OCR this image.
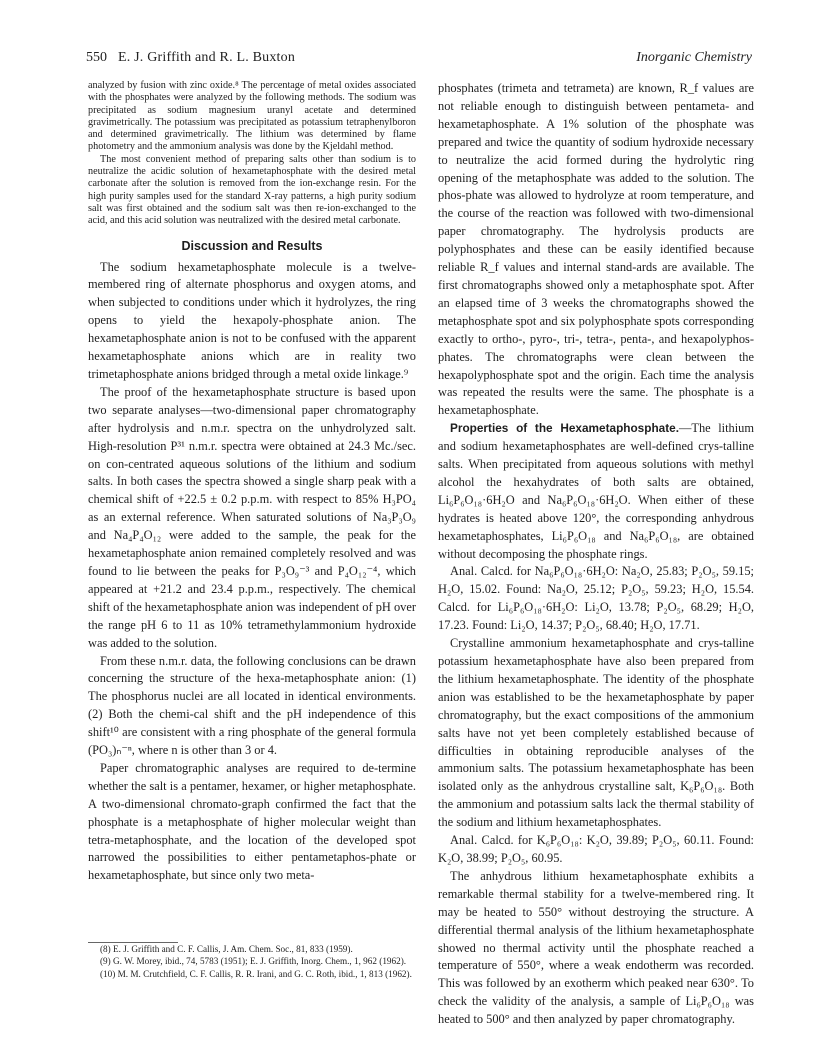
550 E. J. Griffith and R. L. Buxton	Inorganic Chemistry

analyzed by fusion with zinc oxide.⁸ The percentage of metal oxides associated with the phosphates were analyzed by the following methods. The sodium was precipitated as sodium magnesium uranyl acetate and determined gravimetrically. The potassium was precipitated as potassium tetraphenylboron and determined gravimetrically. The lithium was determined by flame photometry and the ammonium analysis was done by the Kjeldahl method.

The most convenient method of preparing salts other than sodium is to neutralize the acidic solution of hexametaphosphate with the desired metal carbonate after the solution is removed from the ion-exchange resin. For the high purity samples used for the standard X-ray patterns, a high purity sodium salt was first obtained and the sodium salt was then re-ion-exchanged to the acid, and this acid solution was neutralized with the desired metal carbonate.

Discussion and Results

The sodium hexametaphosphate molecule is a twelve-membered ring of alternate phosphorus and oxygen atoms, and when subjected to conditions under which it hydrolyzes, the ring opens to yield the hexapoly-phosphate anion. The hexametaphosphate anion is not to be confused with the apparent hexametaphosphate anions which are in reality two trimetaphosphate anions bridged through a metal oxide linkage.⁹

The proof of the hexametaphosphate structure is based upon two separate analyses—two-dimensional paper chromatography after hydrolysis and n.m.r. spectra on the unhydrolyzed salt. High-resolution P³¹ n.m.r. spectra were obtained at 24.3 Mc./sec. on con-centrated aqueous solutions of the lithium and sodium salts. In both cases the spectra showed a single sharp peak with a chemical shift of +22.5 ± 0.2 p.p.m. with respect to 85% H₃PO₄ as an external reference. When saturated solutions of Na₃P₃O₉ and Na₄P₄O₁₂ were added to the sample, the peak for the hexametaphosphate anion remained completely resolved and was found to lie between the peaks for P₃O₉⁻³ and P₄O₁₂⁻⁴, which appeared at +21.2 and 23.4 p.p.m., respectively. The chemical shift of the hexametaphosphate anion was independent of pH over the range pH 6 to 11 as 10% tetramethylammonium hydroxide was added to the solution.

From these n.m.r. data, the following conclusions can be drawn concerning the structure of the hexa-metaphosphate anion: (1) The phosphorus nuclei are all located in identical environments. (2) Both the chemi-cal shift and the pH independence of this shift¹⁰ are consistent with a ring phosphate of the general formula (PO₃)ₙ⁻ⁿ, where n is other than 3 or 4.

Paper chromatographic analyses are required to de-termine whether the salt is a pentamer, hexamer, or higher metaphosphate. A two-dimensional chromato-graph confirmed the fact that the phosphate is a metaphosphate of higher molecular weight than tetra-metaphosphate, and the location of the developed spot narrowed the possibilities to either pentametaphos-phate or hexametaphosphate, but since only two meta-

(8) E. J. Griffith and C. F. Callis, J. Am. Chem. Soc., 81, 833 (1959).

(9) G. W. Morey, ibid., 74, 5783 (1951); E. J. Griffith, Inorg. Chem., 1, 962 (1962).

(10) M. M. Crutchfield, C. F. Callis, R. R. Irani, and G. C. Roth, ibid., 1, 813 (1962).

phosphates (trimeta and tetrameta) are known, R_f values are not reliable enough to distinguish between pentameta- and hexametaphosphate. A 1% solution of the phosphate was prepared and twice the quantity of sodium hydroxide necessary to neutralize the acid formed during the hydrolytic ring opening of the metaphosphate was added to the solution. The phos-phate was allowed to hydrolyze at room temperature, and the course of the reaction was followed with two-dimensional paper chromatography. The hydrolysis products are polyphosphates and these can be easily identified because reliable R_f values and internal stand-ards are available. The first chromatographs showed only a metaphosphate spot. After an elapsed time of 3 weeks the chromatographs showed the metaphosphate spot and six polyphosphate spots corresponding exactly to ortho-, pyro-, tri-, tetra-, penta-, and hexapolyphos-phates. The chromatographs were clean between the hexapolyphosphate spot and the origin. Each time the analysis was repeated the results were the same. The phosphate is a hexametaphosphate.

Properties of the Hexametaphosphate.—The lithium and sodium hexametaphosphates are well-defined crys-talline salts. When precipitated from aqueous solutions with methyl alcohol the hexahydrates of both salts are obtained, Li₆P₆O₁₈·6H₂O and Na₆P₆O₁₈·6H₂O. When either of these hydrates is heated above 120°, the corresponding anhydrous hexametaphosphates, Li₆P₆O₁₈ and Na₆P₆O₁₈, are obtained without decomposing the phosphate rings.

Anal. Calcd. for Na₆P₆O₁₈·6H₂O: Na₂O, 25.83; P₂O₅, 59.15; H₂O, 15.02. Found: Na₂O, 25.12; P₂O₅, 59.23; H₂O, 15.54. Calcd. for Li₆P₆O₁₈·6H₂O: Li₂O, 13.78; P₂O₅, 68.29; H₂O, 17.23. Found: Li₂O, 14.37; P₂O₅, 68.40; H₂O, 17.71.

Crystalline ammonium hexametaphosphate and crys-talline potassium hexametaphosphate have also been prepared from the lithium hexametaphosphate. The identity of the phosphate anion was established to be the hexametaphosphate by paper chromatography, but the exact compositions of the ammonium salts have not yet been completely established because of difficulties in obtaining reproducible analyses of the ammonium salts. The potassium hexametaphosphate has been isolated only as the anhydrous crystalline salt, K₆P₆O₁₈. Both the ammonium and potassium salts lack the thermal stability of the sodium and lithium hexametaphosphates.

Anal. Calcd. for K₆P₆O₁₈: K₂O, 39.89; P₂O₅, 60.11. Found: K₂O, 38.99; P₂O₅, 60.95.

The anhydrous lithium hexametaphosphate exhibits a remarkable thermal stability for a twelve-membered ring. It may be heated to 550° without destroying the structure. A differential thermal analysis of the lithium hexametaphosphate showed no thermal activity until the phosphate reached a temperature of 550°, where a weak endotherm was recorded. This was followed by an exotherm which peaked near 630°. To check the validity of the analysis, a sample of Li₆P₆O₁₈ was heated to 500° and then analyzed by paper chromatography.
